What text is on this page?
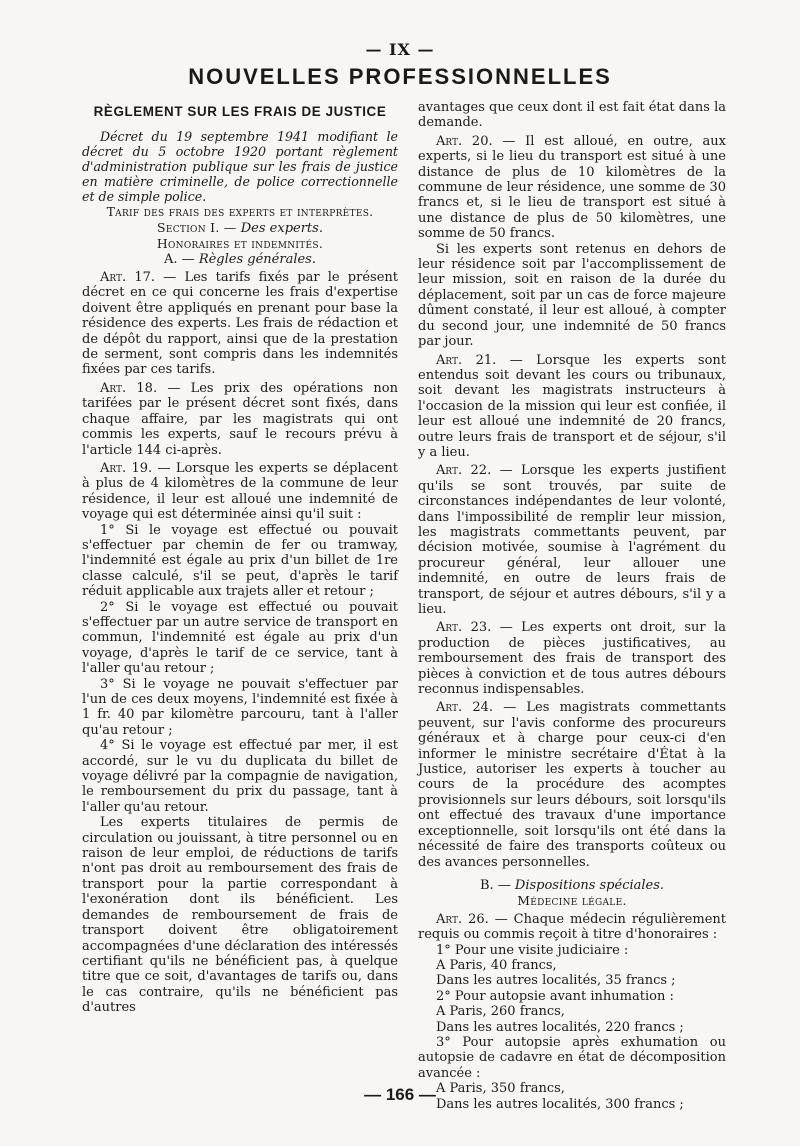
— IX —
NOUVELLES PROFESSIONNELLES
RÈGLEMENT SUR LES FRAIS DE JUSTICE

Décret du 19 septembre 1941 modifiant le décret du 5 octobre 1920 portant règlement d'administration publique sur les frais de justice en matière criminelle, de police correctionnelle et de simple police.

Tarif des frais des experts et interprètes.

Section I. — Des experts.

Honoraires et indemnités.

A. — Règles générales.

Art. 17. — Les tarifs fixés par le présent décret en ce qui concerne les frais d'expertise doivent être appliqués en prenant pour base la résidence des experts. Les frais de rédaction et de dépôt du rapport, ainsi que de la prestation de serment, sont compris dans les indemnités fixées par ces tarifs.

Art. 18. — Les prix des opérations non tarifées par le présent décret sont fixés, dans chaque affaire, par les magistrats qui ont commis les experts, sauf le recours prévu à l'article 144 ci-après.

Art. 19. — Lorsque les experts se déplacent à plus de 4 kilomètres de la commune de leur résidence, il leur est alloué une indemnité de voyage qui est déterminée ainsi qu'il suit :

1° Si le voyage est effectué ou pouvait s'effectuer par chemin de fer ou tramway, l'indemnité est égale au prix d'un billet de 1re classe calculé, s'il se peut, d'après le tarif réduit applicable aux trajets aller et retour ;

2° Si le voyage est effectué ou pouvait s'effectuer par un autre service de transport en commun, l'indemnité est égale au prix d'un voyage, d'après le tarif de ce service, tant à l'aller qu'au retour ;

3° Si le voyage ne pouvait s'effectuer par l'un de ces deux moyens, l'indemnité est fixée à 1 fr. 40 par kilomètre parcouru, tant à l'aller qu'au retour ;

4° Si le voyage est effectué par mer, il est accordé, sur le vu du duplicata du billet de voyage délivré par la compagnie de navigation, le remboursement du prix du passage, tant à l'aller qu'au retour.

Les experts titulaires de permis de circulation ou jouissant, à titre personnel ou en raison de leur emploi, de réductions de tarifs n'ont pas droit au remboursement des frais de transport pour la partie correspondant à l'exonération dont ils bénéficient. Les demandes de remboursement de frais de transport doivent être obligatoirement accompagnées d'une déclaration des intéressés certifiant qu'ils ne bénéficient pas, à quelque titre que ce soit, d'avantages de tarifs ou, dans le cas contraire, qu'ils ne bénéficient pas d'autres

avantages que ceux dont il est fait état dans la demande.

Art. 20. — Il est alloué, en outre, aux experts, si le lieu du transport est situé à une distance de plus de 10 kilomètres de la commune de leur résidence, une somme de 30 francs et, si le lieu de transport est situé à une distance de plus de 50 kilomètres, une somme de 50 francs.

Si les experts sont retenus en dehors de leur résidence soit par l'accomplissement de leur mission, soit en raison de la durée du déplacement, soit par un cas de force majeure dûment constaté, il leur est alloué, à compter du second jour, une indemnité de 50 francs par jour.

Art. 21. — Lorsque les experts sont entendus soit devant les cours ou tribunaux, soit devant les magistrats instructeurs à l'occasion de la mission qui leur est confiée, il leur est alloué une indemnité de 20 francs, outre leurs frais de transport et de séjour, s'il y a lieu.

Art. 22. — Lorsque les experts justifient qu'ils se sont trouvés, par suite de circonstances indépendantes de leur volonté, dans l'impossibilité de remplir leur mission, les magistrats commettants peuvent, par décision motivée, soumise à l'agrément du procureur général, leur allouer une indemnité, en outre de leurs frais de transport, de séjour et autres débours, s'il y a lieu.

Art. 23. — Les experts ont droit, sur la production de pièces justificatives, au remboursement des frais de transport des pièces à conviction et de tous autres débours reconnus indispensables.

Art. 24. — Les magistrats commettants peuvent, sur l'avis conforme des procureurs généraux et à charge pour ceux-ci d'en informer le ministre secrétaire d'État à la Justice, autoriser les experts à toucher au cours de la procédure des acomptes provisionnels sur leurs débours, soit lorsqu'ils ont effectué des travaux d'une importance exceptionnelle, soit lorsqu'ils ont été dans la nécessité de faire des transports coûteux ou des avances personnelles.

B. — Dispositions spéciales.

Médecine légale.

Art. 26. — Chaque médecin régulièrement requis ou commis reçoit à titre d'honoraires :

1° Pour une visite judiciaire :

A Paris, 40 francs,

Dans les autres localités, 35 francs ;

2° Pour autopsie avant inhumation :

A Paris, 260 francs,

Dans les autres localités, 220 francs ;

3° Pour autopsie après exhumation ou autopsie de cadavre en état de décomposition avancée :

A Paris, 350 francs,

Dans les autres localités, 300 francs ;

— 166 —
